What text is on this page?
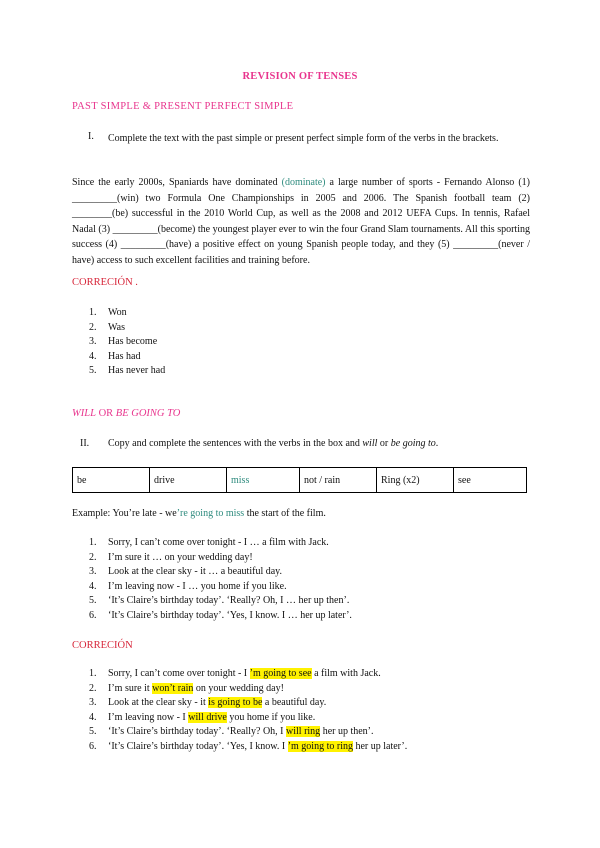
REVISION OF TENSES
PAST SIMPLE & PRESENT PERFECT SIMPLE
I. Complete the text with the past simple or present perfect simple form of the verbs in the brackets.
Since the early 2000s, Spaniards have dominated (dominate) a large number of sports - Fernando Alonso (1) _________(win) two Formula One Championships in 2005 and 2006. The Spanish football team (2) ________(be) successful in the 2010 World Cup, as well as the 2008 and 2012 UEFA Cups. In tennis, Rafael Nadal (3) _________(become) the youngest player ever to win the four Grand Slam tournaments. All this sporting success (4) _________(have) a positive effect on young Spanish people today, and they (5) _________(never / have) access to such excellent facilities and training before.
CORRECIÓN .
1. Won
2. Was
3. Has become
4. Has had
5. Has never had
WILL OR BE GOING TO
II. Copy and complete the sentences with the verbs in the box and will or be going to.
be	drive	miss	not / rain	Ring (x2)	see
Example: You’re late - we’re going to miss the start of the film.
1. Sorry, I can’t come over tonight - I … a film with Jack.
2. I’m sure it … on your wedding day!
3. Look at the clear sky - it … a beautiful day.
4. I’m leaving now - I … you home if you like.
5. ‘It’s Claire’s birthday today’. ‘Really? Oh, I … her up then’.
6. ‘It’s Claire’s birthday today’. ‘Yes, I know. I … her up later’.
CORRECIÓN
1. Sorry, I can’t come over tonight - I ’m going to see a film with Jack.
2. I’m sure it won’t rain on your wedding day!
3. Look at the clear sky - it is going to be a beautiful day.
4. I’m leaving now - I will drive you home if you like.
5. ‘It’s Claire’s birthday today’. ‘Really? Oh, I will ring her up then’.
6. ‘It’s Claire’s birthday today’. ‘Yes, I know. I ’m going to ring her up later’.
